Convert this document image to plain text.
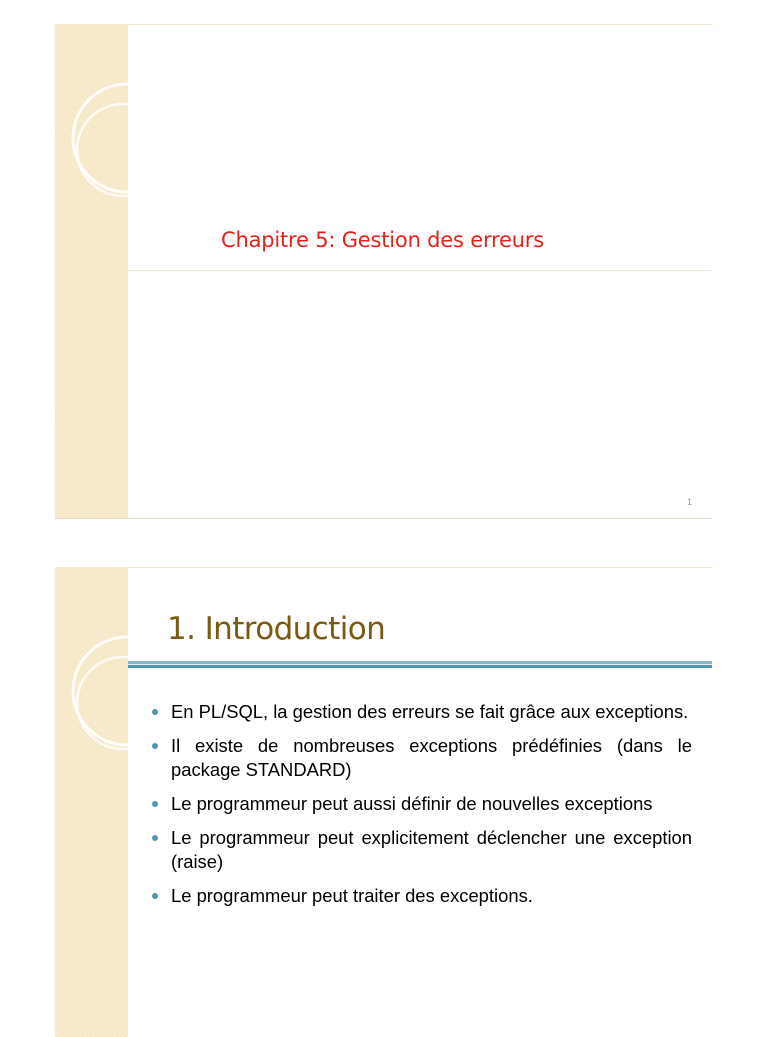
Chapitre 5: Gestion des erreurs
1
1. Introduction
En PL/SQL, la gestion des erreurs se fait grâce aux exceptions.
Il existe de nombreuses exceptions prédéfinies (dans le package STANDARD)
Le programmeur peut aussi définir de nouvelles exceptions
Le programmeur peut explicitement déclencher une exception (raise)
Le programmeur peut traiter des exceptions.
